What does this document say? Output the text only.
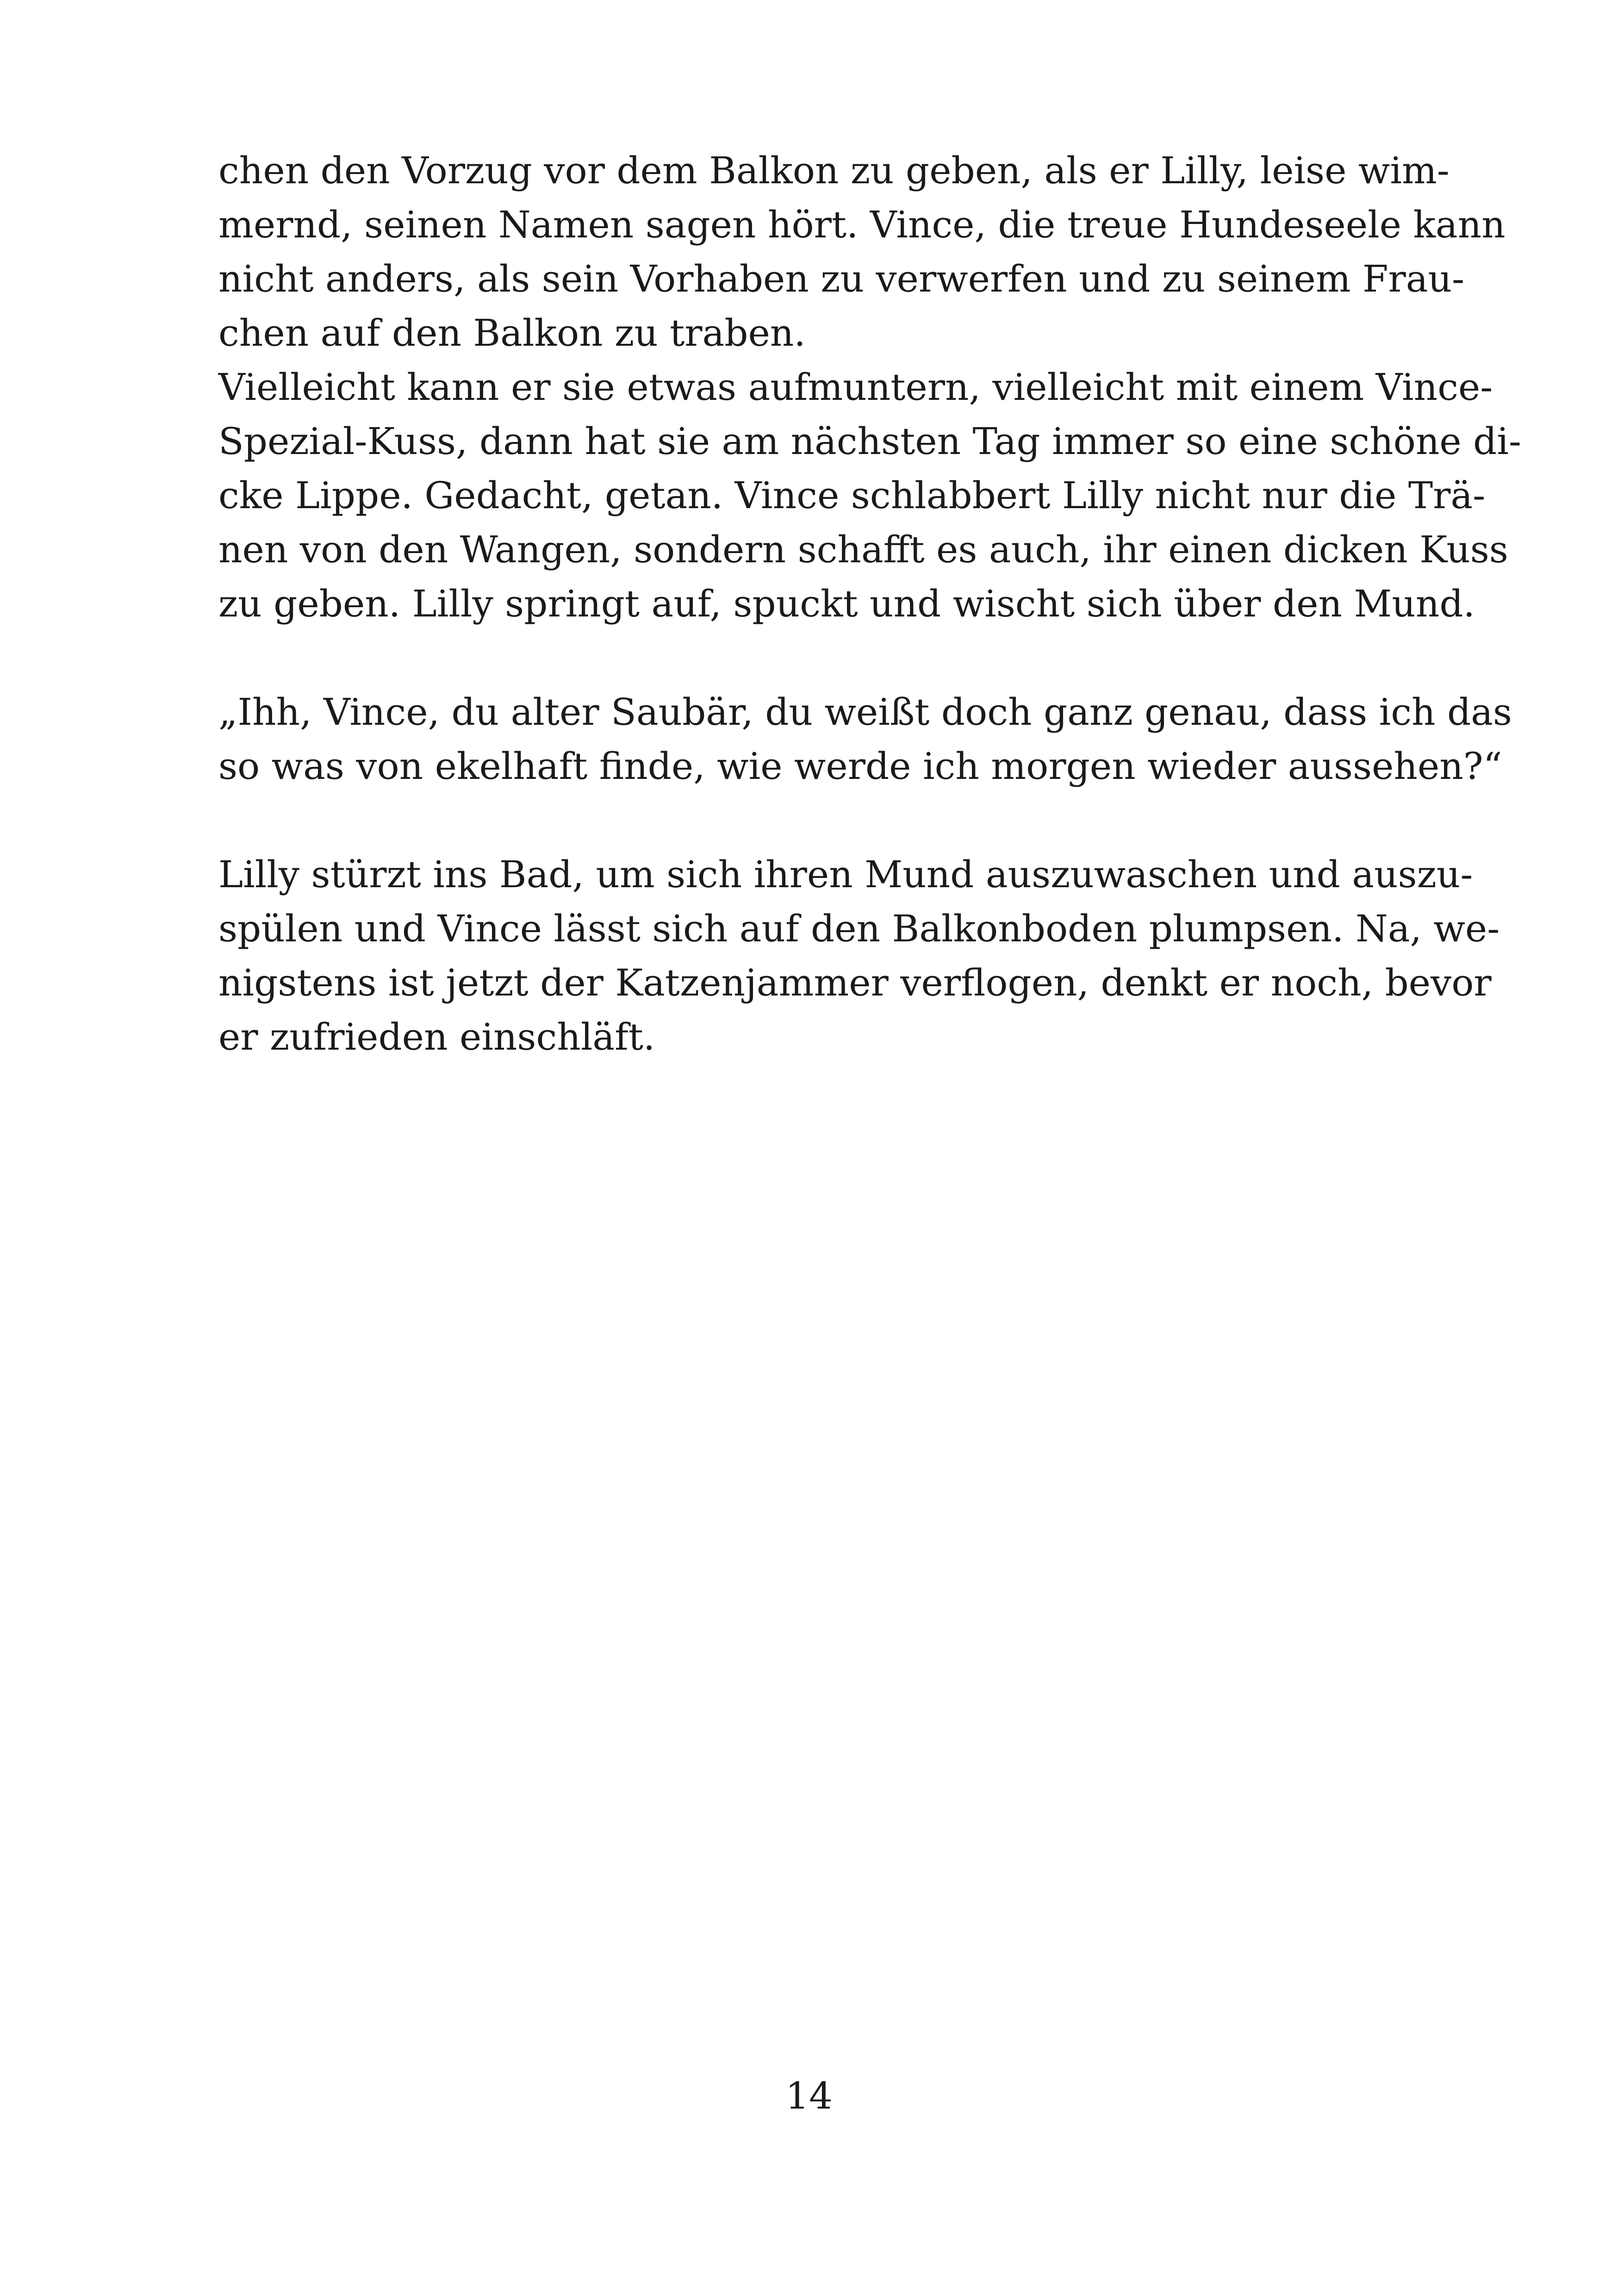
chen den Vorzug vor dem Balkon zu geben, als er Lilly, leise wim-
mernd, seinen Namen sagen hört. Vince, die treue Hundeseele kann
nicht anders, als sein Vorhaben zu verwerfen und zu seinem Frau-
chen auf den Balkon zu traben.
Vielleicht kann er sie etwas aufmuntern, vielleicht mit einem Vince-
Spezial-Kuss, dann hat sie am nächsten Tag immer so eine schöne di-
cke Lippe. Gedacht, getan. Vince schlabbert Lilly nicht nur die Trä-
nen von den Wangen, sondern schafft es auch, ihr einen dicken Kuss
zu geben. Lilly springt auf, spuckt und wischt sich über den Mund.
„Ihh, Vince, du alter Saubär, du weißt doch ganz genau, dass ich das
so was von ekelhaft finde, wie werde ich morgen wieder aussehen?“
Lilly stürzt ins Bad, um sich ihren Mund auszuwaschen und auszu-
spülen und Vince lässt sich auf den Balkonboden plumpsen. Na, we-
nigstens ist jetzt der Katzenjammer verflogen, denkt er noch, bevor
er zufrieden einschläft.
14
